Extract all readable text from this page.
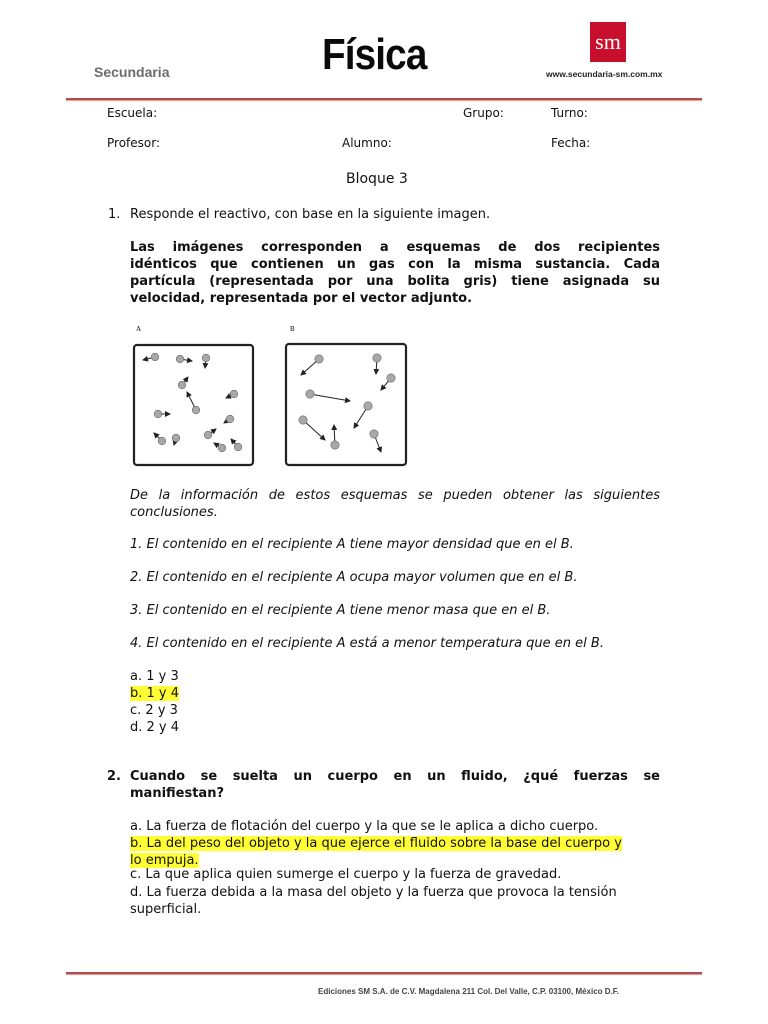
Secundaria	Física	sm
www.secundaria-sm.com.mx
Escuela:	Grupo:	Turno:
Profesor:	Alumno:	Fecha:
Bloque 3
1. Responde el reactivo, con base en la siguiente imagen.
Las imágenes corresponden a esquemas de dos recipientes
idénticos que contienen un gas con la misma sustancia. Cada
partícula (representada por una bolita gris) tiene asignada su
velocidad, representada por el vector adjunto.
A	B
De la información de estos esquemas se pueden obtener las siguientes
conclusiones.
1. El contenido en el recipiente A tiene mayor densidad que en el B.
2. El contenido en el recipiente A ocupa mayor volumen que en el B.
3. El contenido en el recipiente A tiene menor masa que en el B.
4. El contenido en el recipiente A está a menor temperatura que en el B.
a. 1 y 3
b. 1 y 4
c. 2 y 3
d. 2 y 4
2. Cuando se suelta un cuerpo en un fluido, ¿qué fuerzas se
manifiestan?
a. La fuerza de flotación del cuerpo y la que se le aplica a dicho cuerpo.
b. La del peso del objeto y la que ejerce el fluido sobre la base del cuerpo y
lo empuja.
c. La que aplica quien sumerge el cuerpo y la fuerza de gravedad.
d. La fuerza debida a la masa del objeto y la fuerza que provoca la tensión
superficial.
Ediciones SM S.A. de C.V. Magdalena 211 Col. Del Valle, C.P. 03100, México D.F.
